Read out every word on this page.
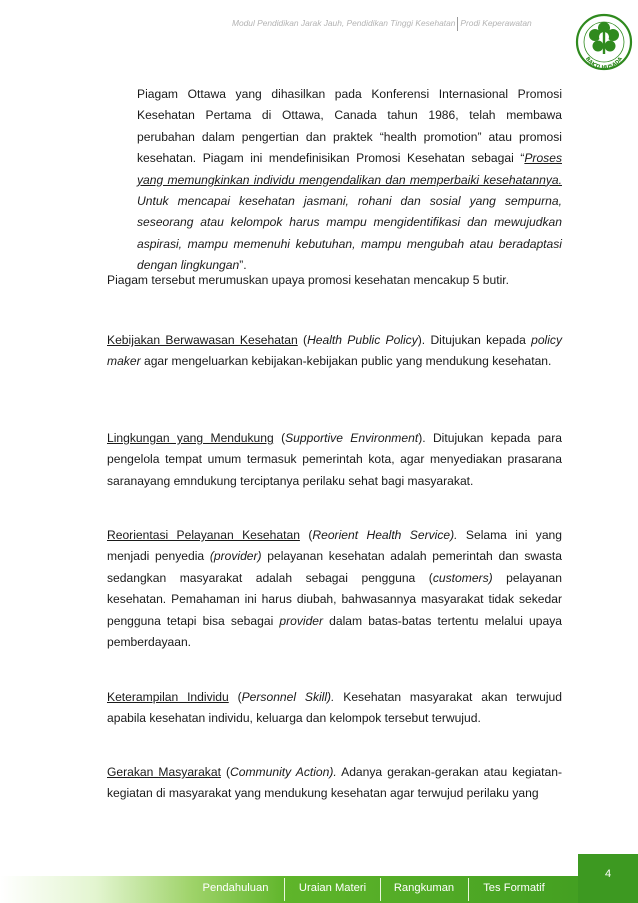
Modul Pendidikan Jarak Jauh, Pendidikan Tinggi Kesehatan Prodi Keperawatan
BAKTI HUSADA
Piagam Ottawa yang dihasilkan pada Konferensi Internasional Promosi Kesehatan Pertama di Ottawa, Canada tahun 1986, telah membawa perubahan dalam pengertian dan praktek “health promotion” atau promosi kesehatan. Piagam ini mendefinisikan Promosi Kesehatan sebagai “Proses yang memungkinkan individu mengendalikan dan memperbaiki kesehatannya. Untuk mencapai kesehatan jasmani, rohani dan sosial yang sempurna, seseorang atau kelompok harus mampu mengidentifikasi dan mewujudkan aspirasi, mampu memenuhi kebutuhan, mampu mengubah atau beradaptasi dengan lingkungan”.
Piagam tersebut merumuskan upaya promosi kesehatan mencakup 5 butir.
Kebijakan Berwawasan Kesehatan (Health Public Policy). Ditujukan kepada policy maker agar mengeluarkan kebijakan-kebijakan public yang mendukung kesehatan.
Lingkungan yang Mendukung (Supportive Environment). Ditujukan kepada para pengelola tempat umum termasuk pemerintah kota, agar menyediakan prasarana saranayang emndukung terciptanya perilaku sehat bagi masyarakat.
Reorientasi Pelayanan Kesehatan (Reorient Health Service). Selama ini yang menjadi penyedia (provider) pelayanan kesehatan adalah pemerintah dan swasta sedangkan masyarakat adalah sebagai pengguna (customers) pelayanan kesehatan. Pemahaman ini harus diubah, bahwasannya masyarakat tidak sekedar pengguna tetapi bisa sebagai provider dalam batas-batas tertentu melalui upaya pemberdayaan.
Keterampilan Individu (Personnel Skill). Kesehatan masyarakat akan terwujud apabila kesehatan individu, keluarga dan kelompok tersebut terwujud.
Gerakan Masyarakat (Community Action). Adanya gerakan-gerakan atau kegiatan-kegiatan di masyarakat yang mendukung kesehatan agar terwujud perilaku yang
Pendahuluan	Uraian Materi	Rangkuman	Tes Formatif
4
